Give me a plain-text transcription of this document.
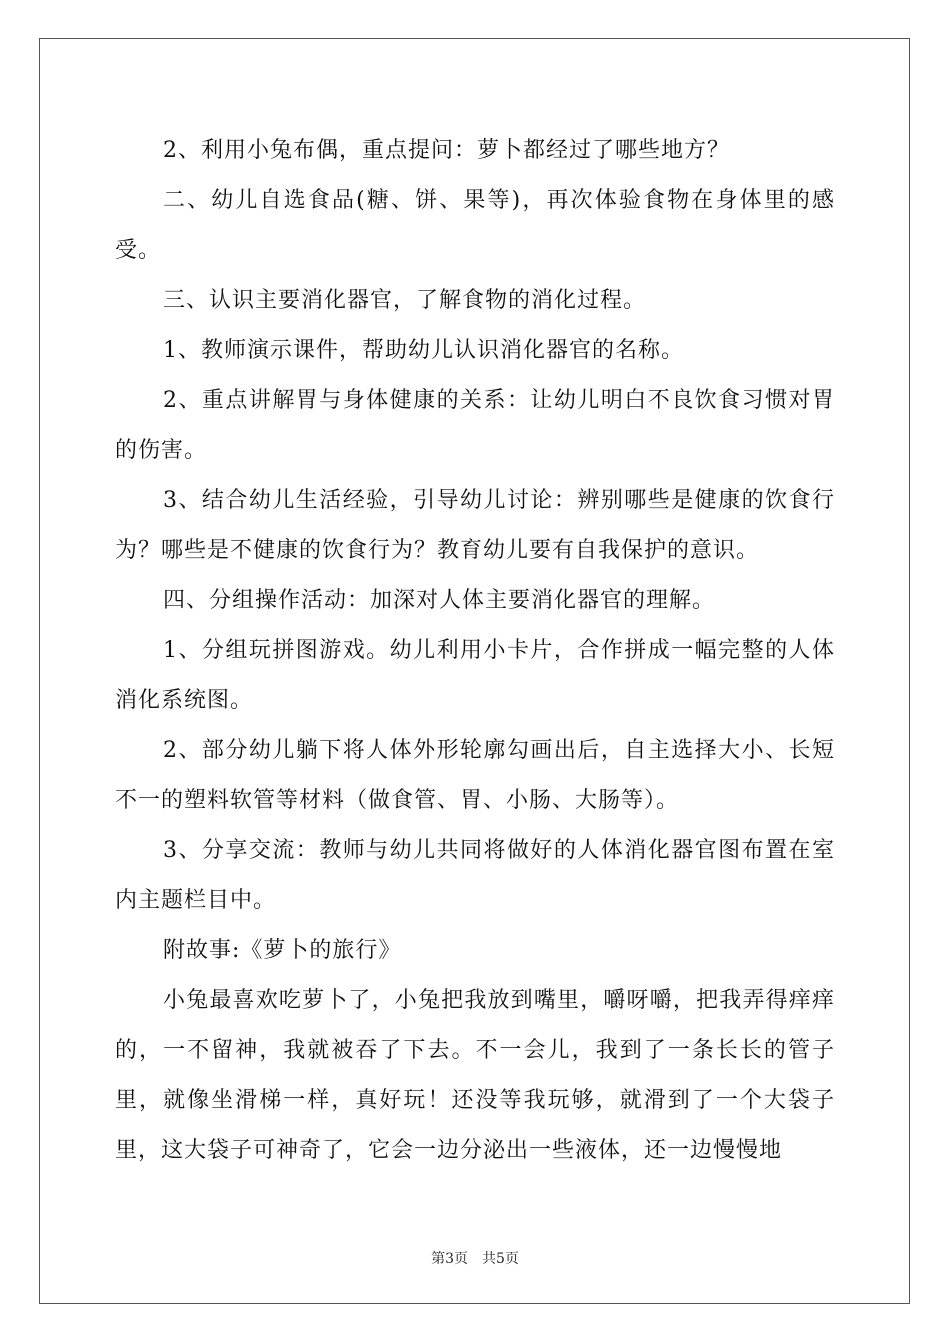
2、利用小兔布偶，重点提问：萝卜都经过了哪些地方？

二、幼儿自选食品(糖、饼、果等)，再次体验食物在身体里的感受。

三、认识主要消化器官，了解食物的消化过程。

1、教师演示课件，帮助幼儿认识消化器官的名称。

2、重点讲解胃与身体健康的关系：让幼儿明白不良饮食习惯对胃的伤害。

3、结合幼儿生活经验，引导幼儿讨论：辨别哪些是健康的饮食行为？哪些是不健康的饮食行为？教育幼儿要有自我保护的意识。

四、分组操作活动：加深对人体主要消化器官的理解。

1、分组玩拼图游戏。幼儿利用小卡片，合作拼成一幅完整的人体消化系统图。

2、部分幼儿躺下将人体外形轮廓勾画出后，自主选择大小、长短不一的塑料软管等材料（做食管、胃、小肠、大肠等）。

3、分享交流：教师与幼儿共同将做好的人体消化器官图布置在室内主题栏目中。

附故事:《萝卜的旅行》

小兔最喜欢吃萝卜了，小兔把我放到嘴里，嚼呀嚼，把我弄得痒痒的，一不留神，我就被吞了下去。不一会儿，我到了一条长长的管子里，就像坐滑梯一样，真好玩！还没等我玩够，就滑到了一个大袋子里，这大袋子可神奇了，它会一边分泌出一些液体，还一边慢慢地

第3页　共5页
